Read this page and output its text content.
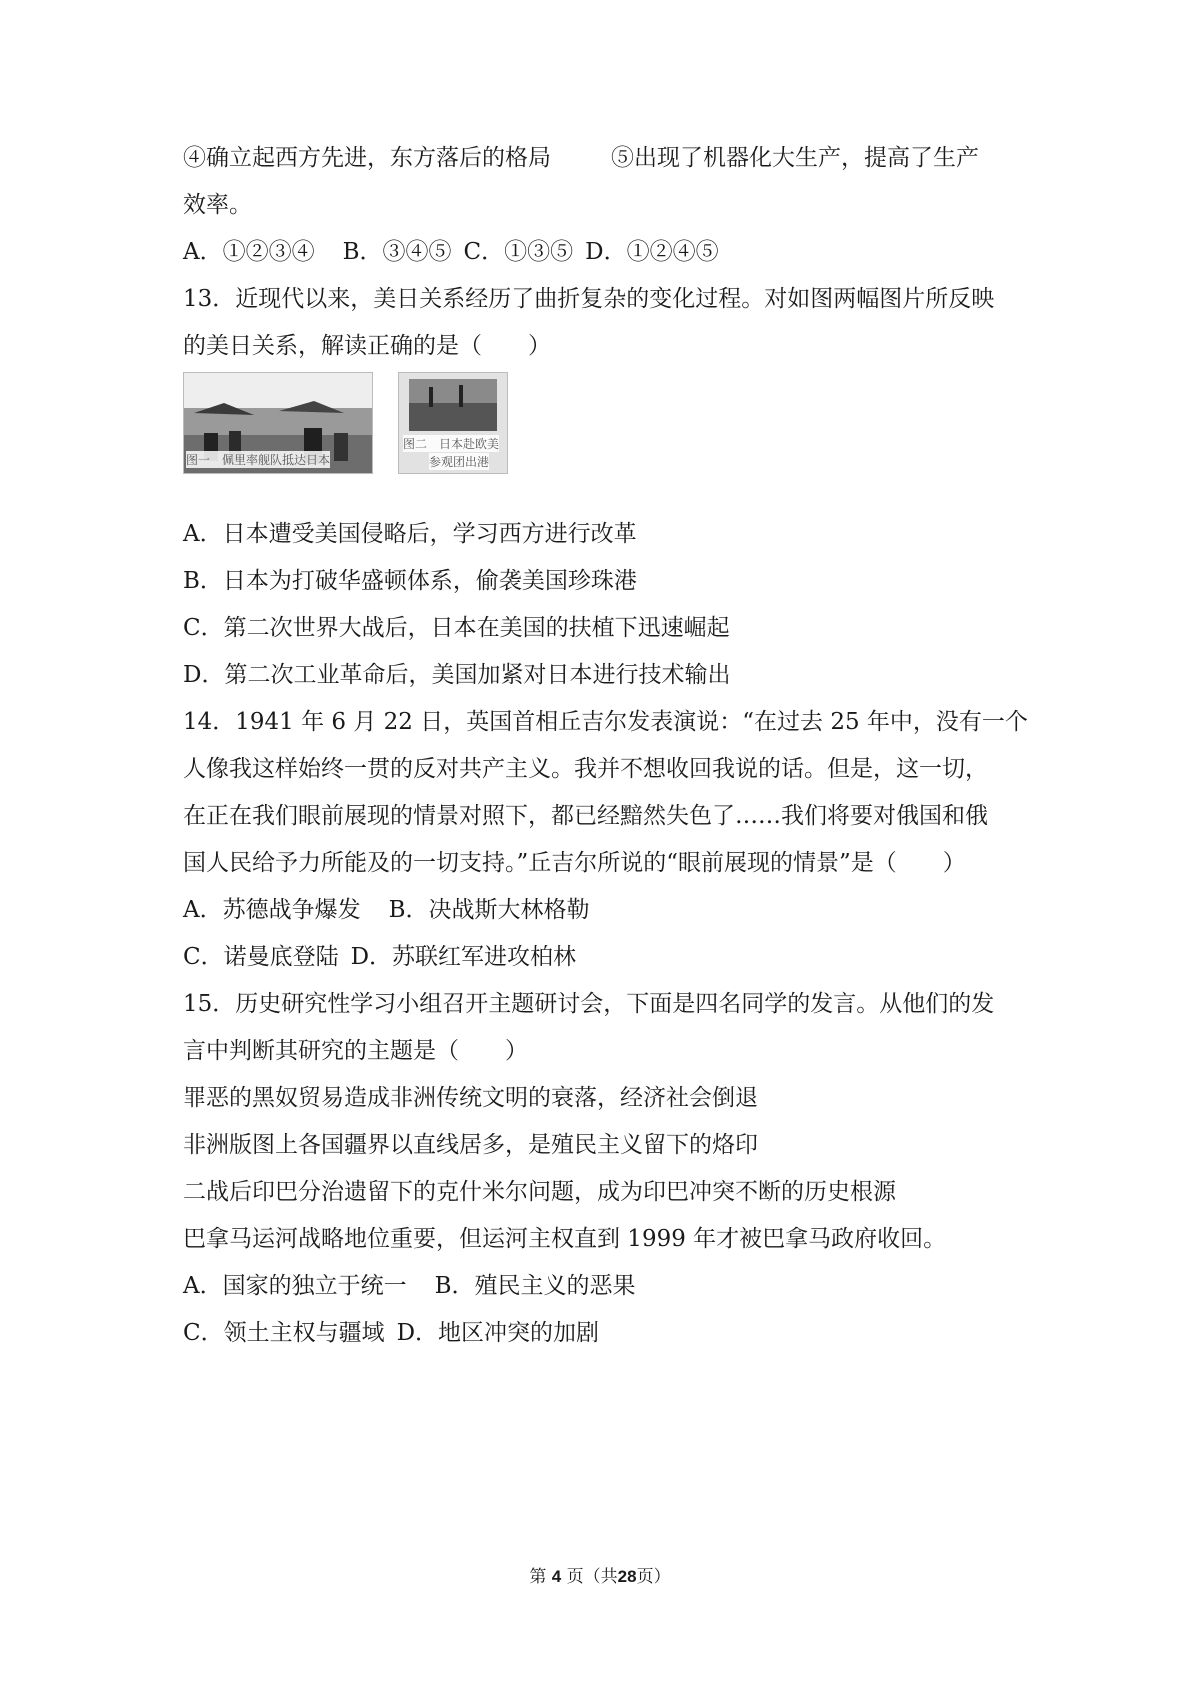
④确立起西方先进，东方落后的格局	⑤出现了机器化大生产，提高了生产
效率。
A．①②③④ B．③④⑤ C．①③⑤ D．①②④⑤
13．近现代以来，美日关系经历了曲折复杂的变化过程。对如图两幅图片所反映
的美日关系，解读正确的是（　　）
图一　佩里率舰队抵达日本
图二　日本赴欧美
参观团出港
A．日本遭受美国侵略后，学习西方进行改革
B．日本为打破华盛顿体系，偷袭美国珍珠港
C．第二次世界大战后，日本在美国的扶植下迅速崛起
D．第二次工业革命后，美国加紧对日本进行技术输出
14．1941 年 6 月 22 日，英国首相丘吉尔发表演说：“在过去 25 年中，没有一个
人像我这样始终一贯的反对共产主义。我并不想收回我说的话。但是，这一切，
在正在我们眼前展现的情景对照下，都已经黯然失色了……我们将要对俄国和俄
国人民给予力所能及的一切支持。”丘吉尔所说的“眼前展现的情景”是（　　）
A．苏德战争爆发 B．决战斯大林格勒
C．诺曼底登陆 D．苏联红军进攻柏林
15．历史研究性学习小组召开主题研讨会，下面是四名同学的发言。从他们的发
言中判断其研究的主题是（　　）
罪恶的黑奴贸易造成非洲传统文明的衰落，经济社会倒退
非洲版图上各国疆界以直线居多，是殖民主义留下的烙印
二战后印巴分治遗留下的克什米尔问题，成为印巴冲突不断的历史根源
巴拿马运河战略地位重要，但运河主权直到 1999 年才被巴拿马政府收回。
A．国家的独立于统一 B．殖民主义的恶果
C．领土主权与疆域 D．地区冲突的加剧
第 4 页（共28页）
